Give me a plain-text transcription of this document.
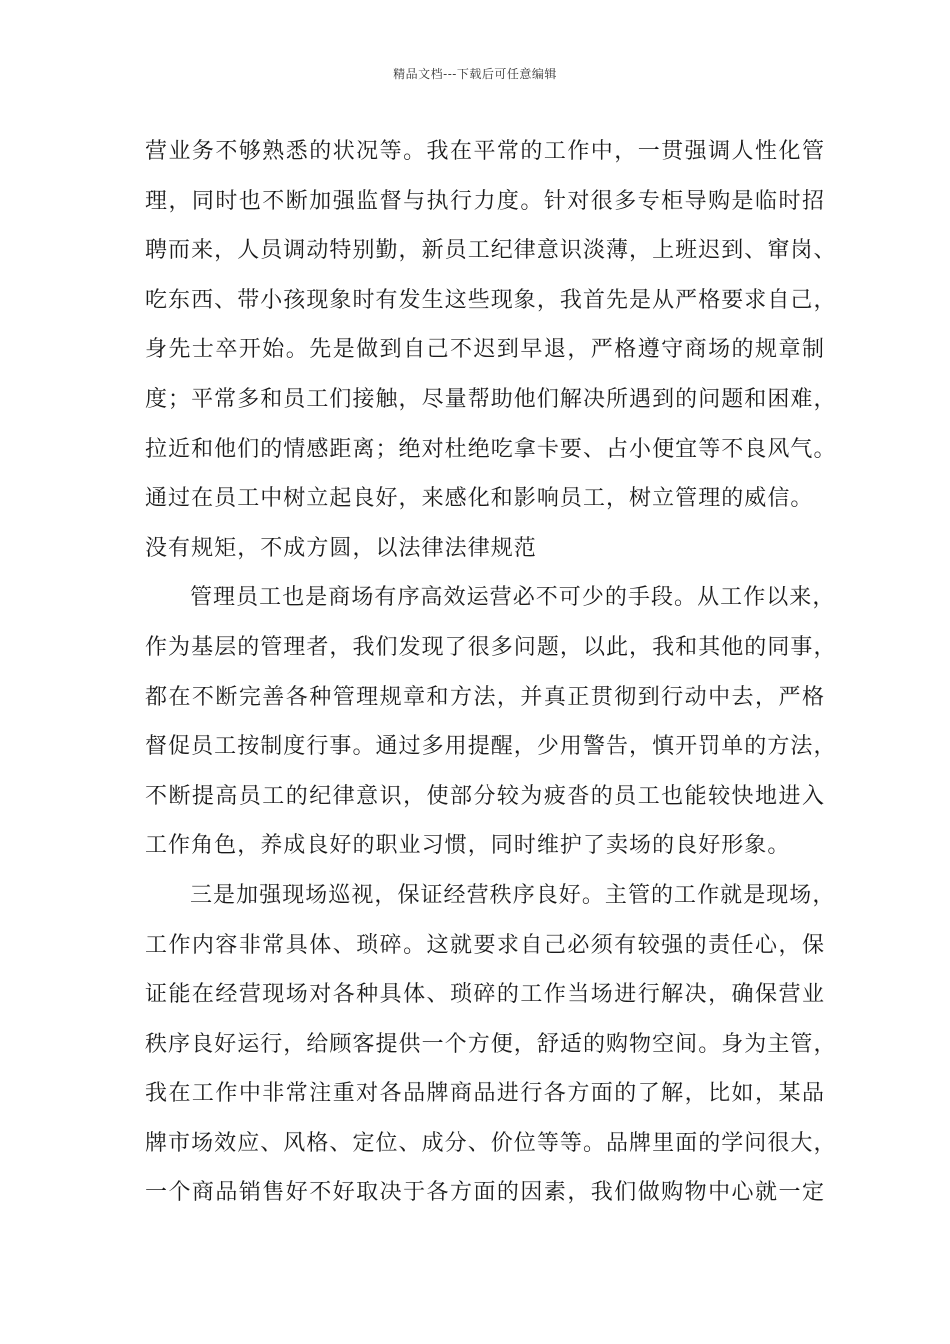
精品文档---下载后可任意编辑
营业务不够熟悉的状况等。我在平常的工作中，一贯强调人性化管
理，同时也不断加强监督与执行力度。针对很多专柜导购是临时招
聘而来，人员调动特别勤，新员工纪律意识淡薄，上班迟到、窜岗、
吃东西、带小孩现象时有发生这些现象，我首先是从严格要求自己，
身先士卒开始。先是做到自己不迟到早退，严格遵守商场的规章制
度；平常多和员工们接触，尽量帮助他们解决所遇到的问题和困难，
拉近和他们的情感距离；绝对杜绝吃拿卡要、占小便宜等不良风气。
通过在员工中树立起良好，来感化和影响员工，树立管理的威信。
没有规矩，不成方圆，以法律法律规范
管理员工也是商场有序高效运营必不可少的手段。从工作以来，
作为基层的管理者，我们发现了很多问题，以此，我和其他的同事，
都在不断完善各种管理规章和方法，并真正贯彻到行动中去，严格
督促员工按制度行事。通过多用提醒，少用警告，慎开罚单的方法，
不断提高员工的纪律意识，使部分较为疲沓的员工也能较快地进入
工作角色，养成良好的职业习惯，同时维护了卖场的良好形象。
三是加强现场巡视，保证经营秩序良好。主管的工作就是现场，
工作内容非常具体、琐碎。这就要求自己必须有较强的责任心，保
证能在经营现场对各种具体、琐碎的工作当场进行解决，确保营业
秩序良好运行，给顾客提供一个方便，舒适的购物空间。身为主管，
我在工作中非常注重对各品牌商品进行各方面的了解，比如，某品
牌市场效应、风格、定位、成分、价位等等。品牌里面的学问很大，
一个商品销售好不好取决于各方面的因素，我们做购物中心就一定
